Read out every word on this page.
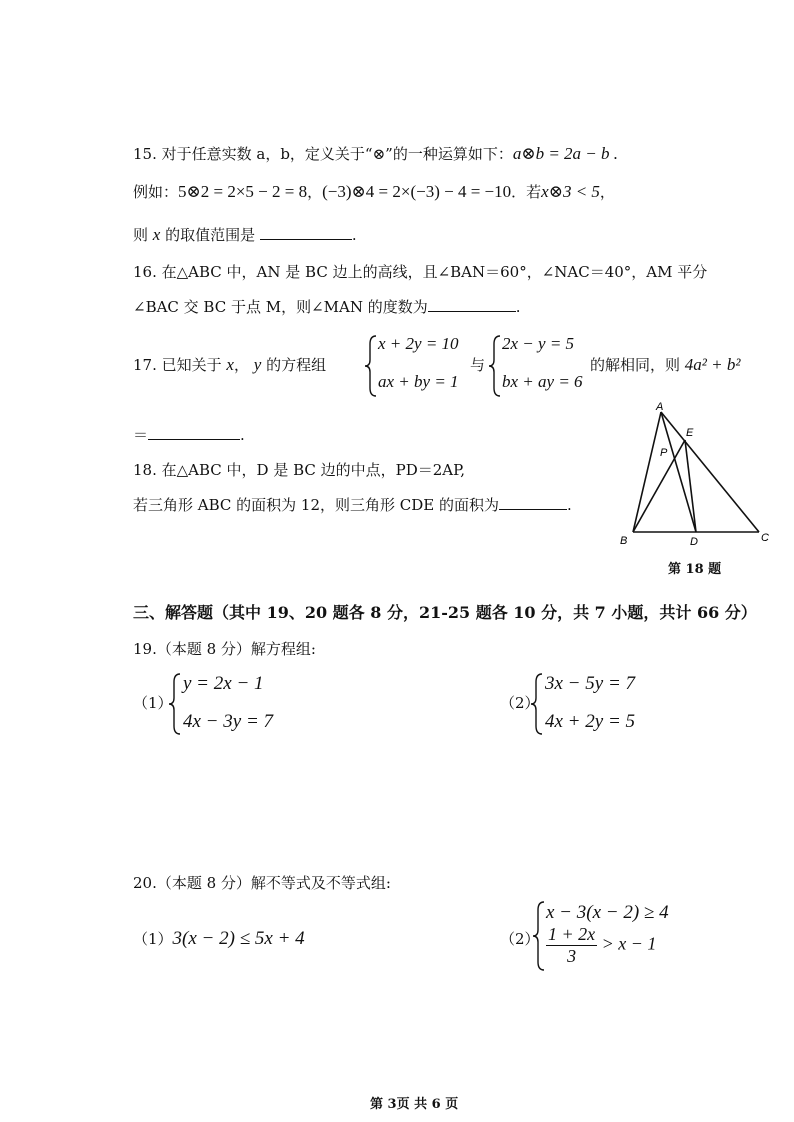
15. 对于任意实数 a，b，定义关于“⊗”的一种运算如下：a⊗b = 2a − b .
例如：5⊗2 = 2×5 − 2 = 8，(−3)⊗4 = 2×(−3) − 4 = −10．若x⊗3 < 5，
则 x 的取值范围是	.
16. 在△ABC 中，AN 是 BC 边上的高线，且∠BAN＝60°，∠NAC＝40°，AM 平分
∠BAC 交 BC 于点 M，则∠MAN 的度数为	.
17. 已知关于 x， y 的方程组
x + 2y = 10
ax + by = 1
与
2x − y = 5
bx + ay = 6
的解相同，则 4a² + b²
＝	.
18. 在△ABC 中，D 是 BC 边的中点，PD＝2AP,
若三角形 ABC 的面积为 12，则三角形 CDE 的面积为	.
A
E
P
B	D	C
第 18 题
三、解答题（其中 19、20 题各 8 分，21-25 题各 10 分，共 7 小题，共计 66 分）
19.（本题 8 分）解方程组:
（1）
y = 2x − 1
4x − 3y = 7
（2）
3x − 5y = 7
4x + 2y = 5
20.（本题 8 分）解不等式及不等式组:
（1）3(x − 2) ≤ 5x + 4	（2）
x − 3(x − 2) ≥ 4
$\frac{1 + 2x}{3} > x - 1$
第 3页 共 6 页
